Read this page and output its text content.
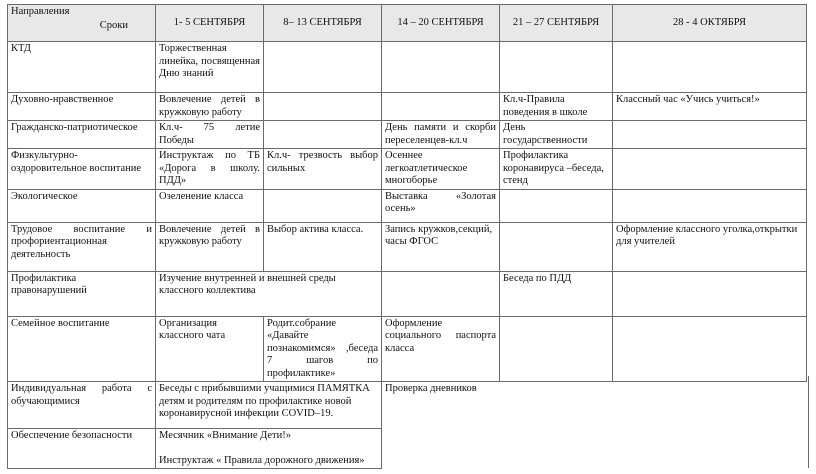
Направления
Сроки	1- 5 СЕНТЯБРЯ	8– 13 СЕНТЯБРЯ	14 – 20 СЕНТЯБРЯ	21 – 27 СЕНТЯБРЯ	28 - 4 ОКТЯБРЯ
КТД	Торжественная линейка, посвященная Дню знаний				
Духовно-нравственное	Вовлечение детей в кружковую работу			Кл.ч-Правила поведения в школе	Классный час «Учись учиться!»
Гражданско-патриотическое	Кл.ч- 75 летие Победы		День памяти и скорби переселенцев-кл.ч	День государственности	
Физкультурно-оздоровительное воспитание	Инструктаж по ТБ «Дорога в школу. ПДД»	Кл.ч- трезвость выбор сильных	Осеннее легкоатлетическое многоборье	Профилактика коронавируса –беседа, стенд	
Экологическое	Озеленение класса		Выставка «Золотая осень»		
Трудовое воспитание и профориентационная деятельность	Вовлечение детей в кружковую работу	Выбор актива класса.	Запись кружков,секций, часы ФГОС		Оформление классного уголка,открытки для учителей
Профилактика правонарушений	Изучение внутренней и внешней среды классного коллектива			Беседа по ПДД	
Семейное воспитание	Организация классного чата	Родит.собрание «Давайте познакомимся» ,беседа 7 шагов по профилактике»	Оформление социального паспорта класса		
Индивидуальная работа с обучающимися	Беседы с прибывшими учащимися ПАМЯТКА детям и родителям по профилактике новой коронавирусной инфекции COVID–19.		Проверка дневников		
Обеспечение безопасности	Месячник «Внимание Дети!»
Инструктаж « Правила дорожного движения»				
